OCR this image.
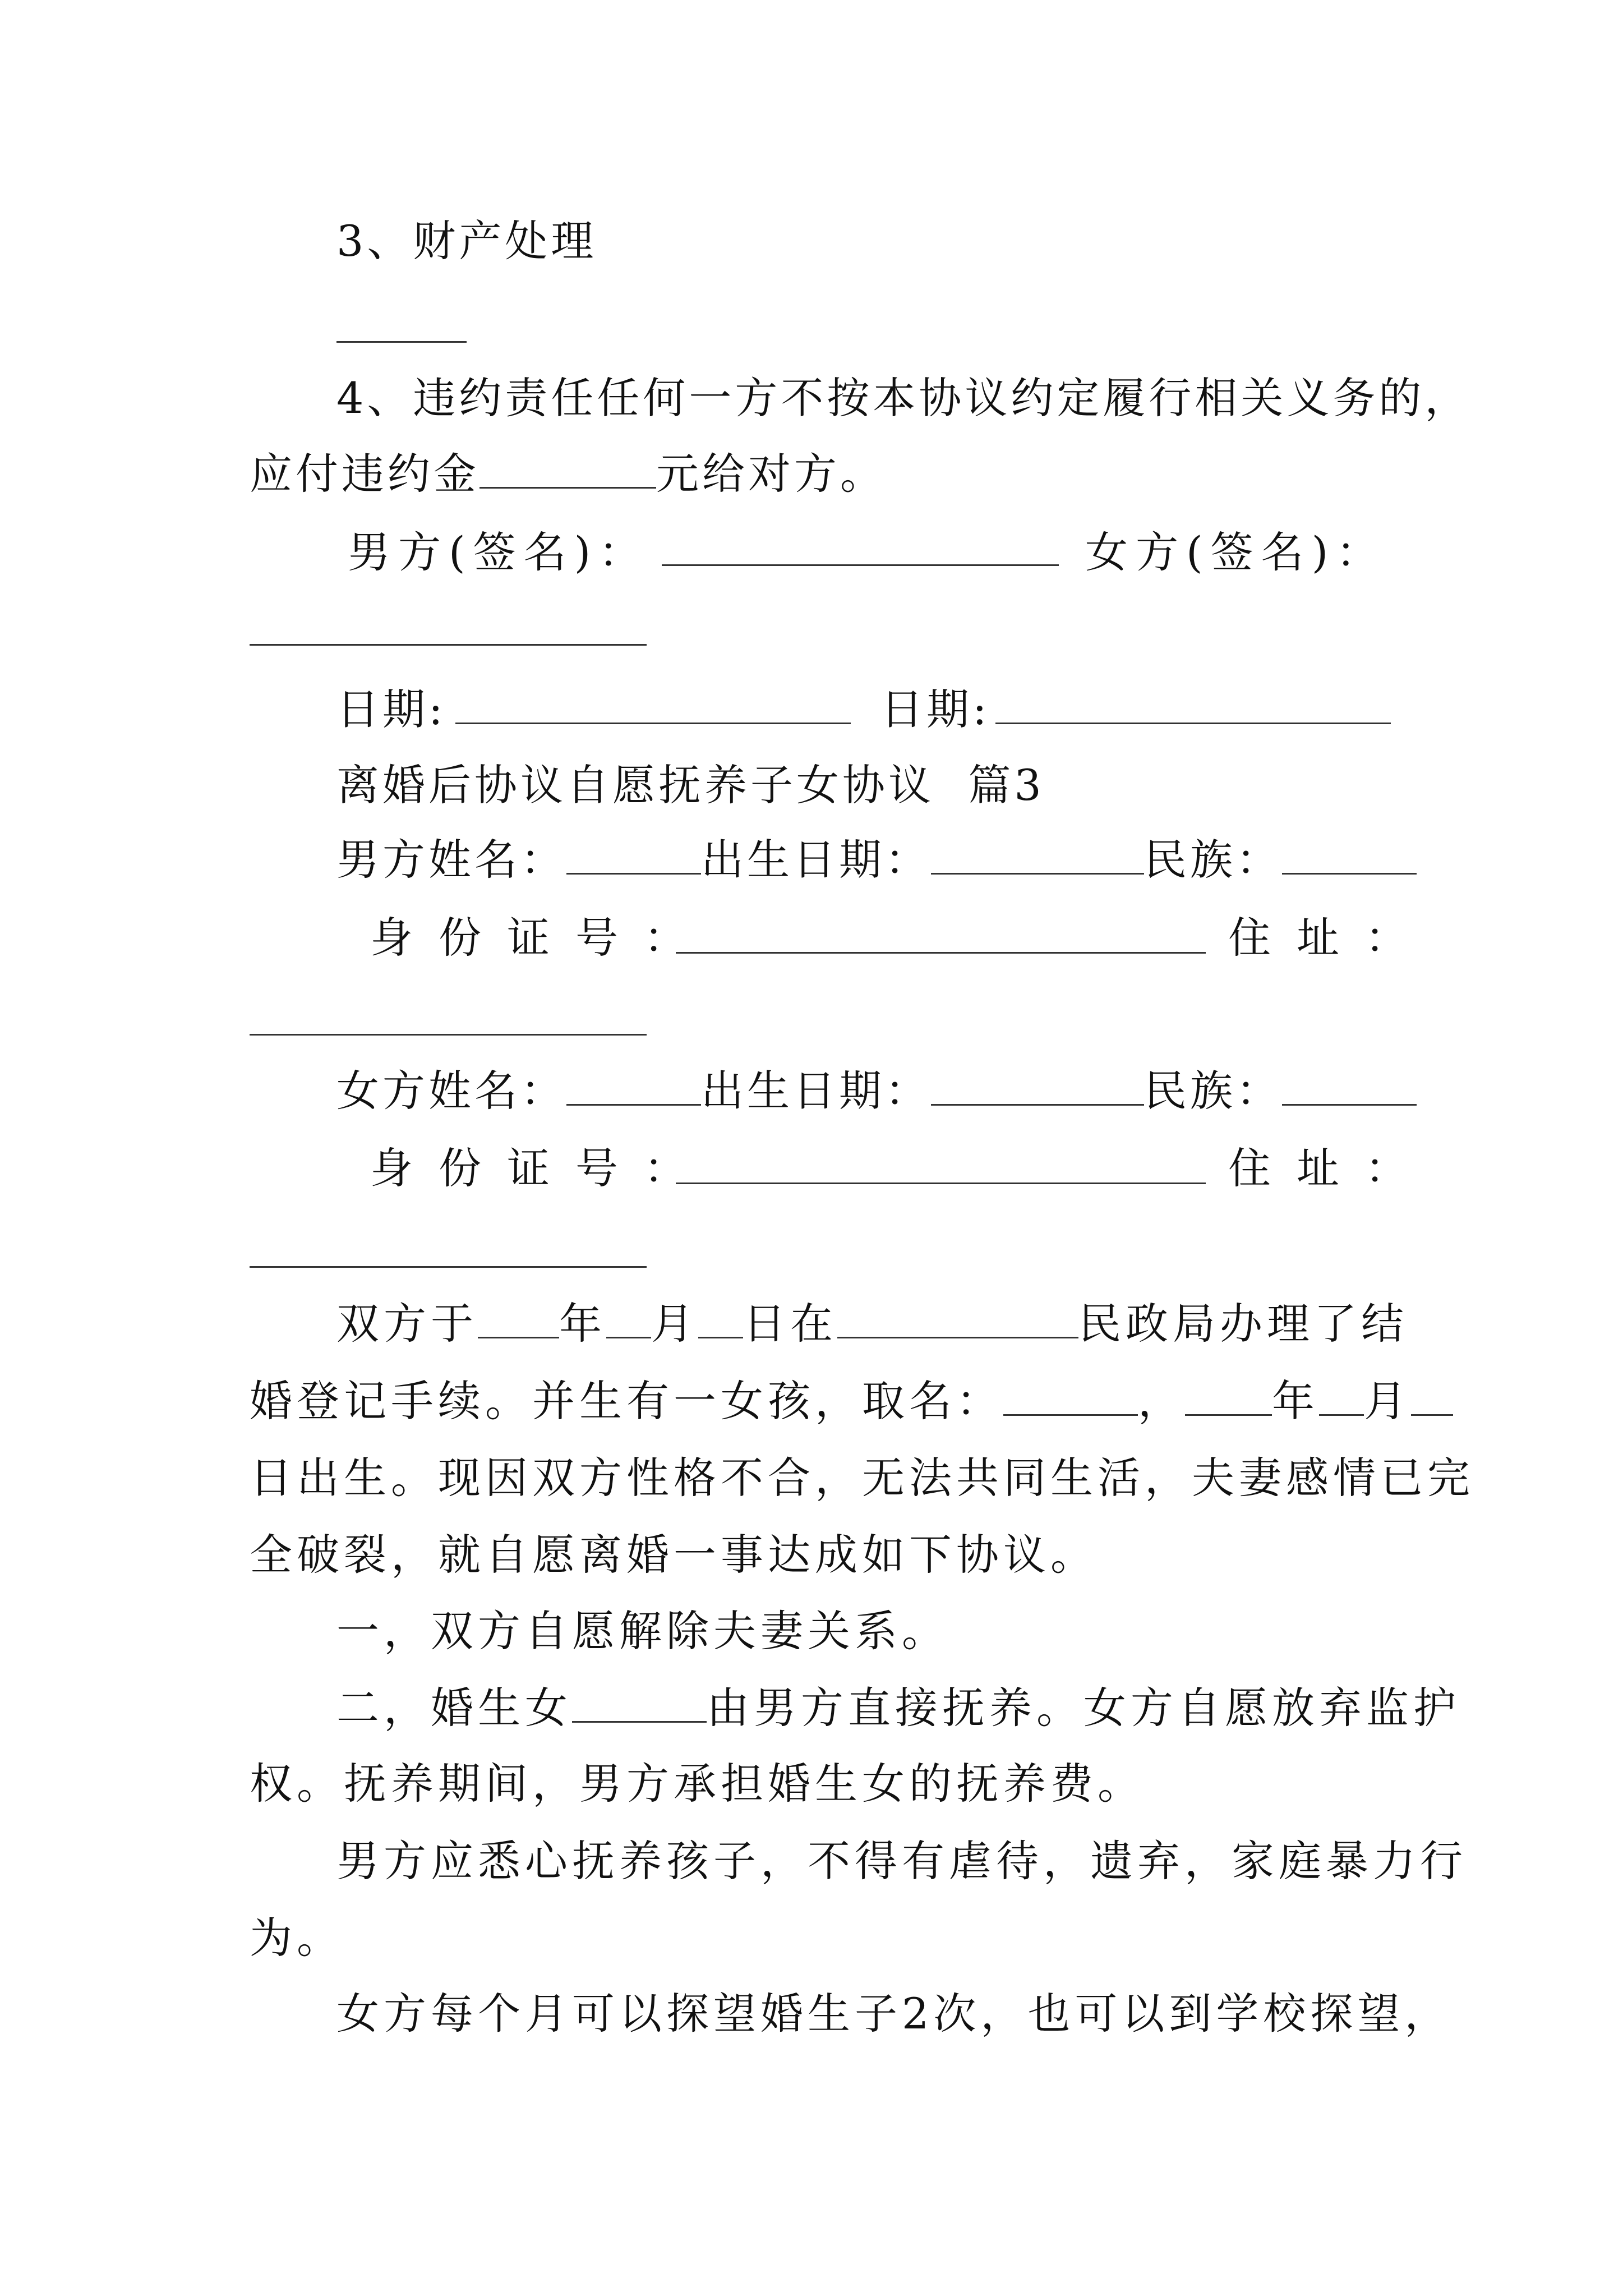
3、财产处理
4、违约责任任何一方不按本协议约定履行相关义务的，
应付违约金	元给对方。
男方(签名)：	女方(签名)：
日期:	日期:
离婚后协议自愿抚养子女协议  篇3
男方姓名：	出生日期：	民族：
身份证号：	住址：
女方姓名：	出生日期：	民族：
身份证号：	住址：
双方于 年 月 日在	民政局办理了结
婚登记手续。并生有一女孩，取名：	， 年 月
日出生。现因双方性格不合，无法共同生活，夫妻感情已完
全破裂，就自愿离婚一事达成如下协议。
一，双方自愿解除夫妻关系。
二，婚生女	由男方直接抚养。女方自愿放弃监护
权。抚养期间，男方承担婚生女的抚养费。
男方应悉心抚养孩子，不得有虐待，遗弃，家庭暴力行
为。
女方每个月可以探望婚生子2次，也可以到学校探望，
